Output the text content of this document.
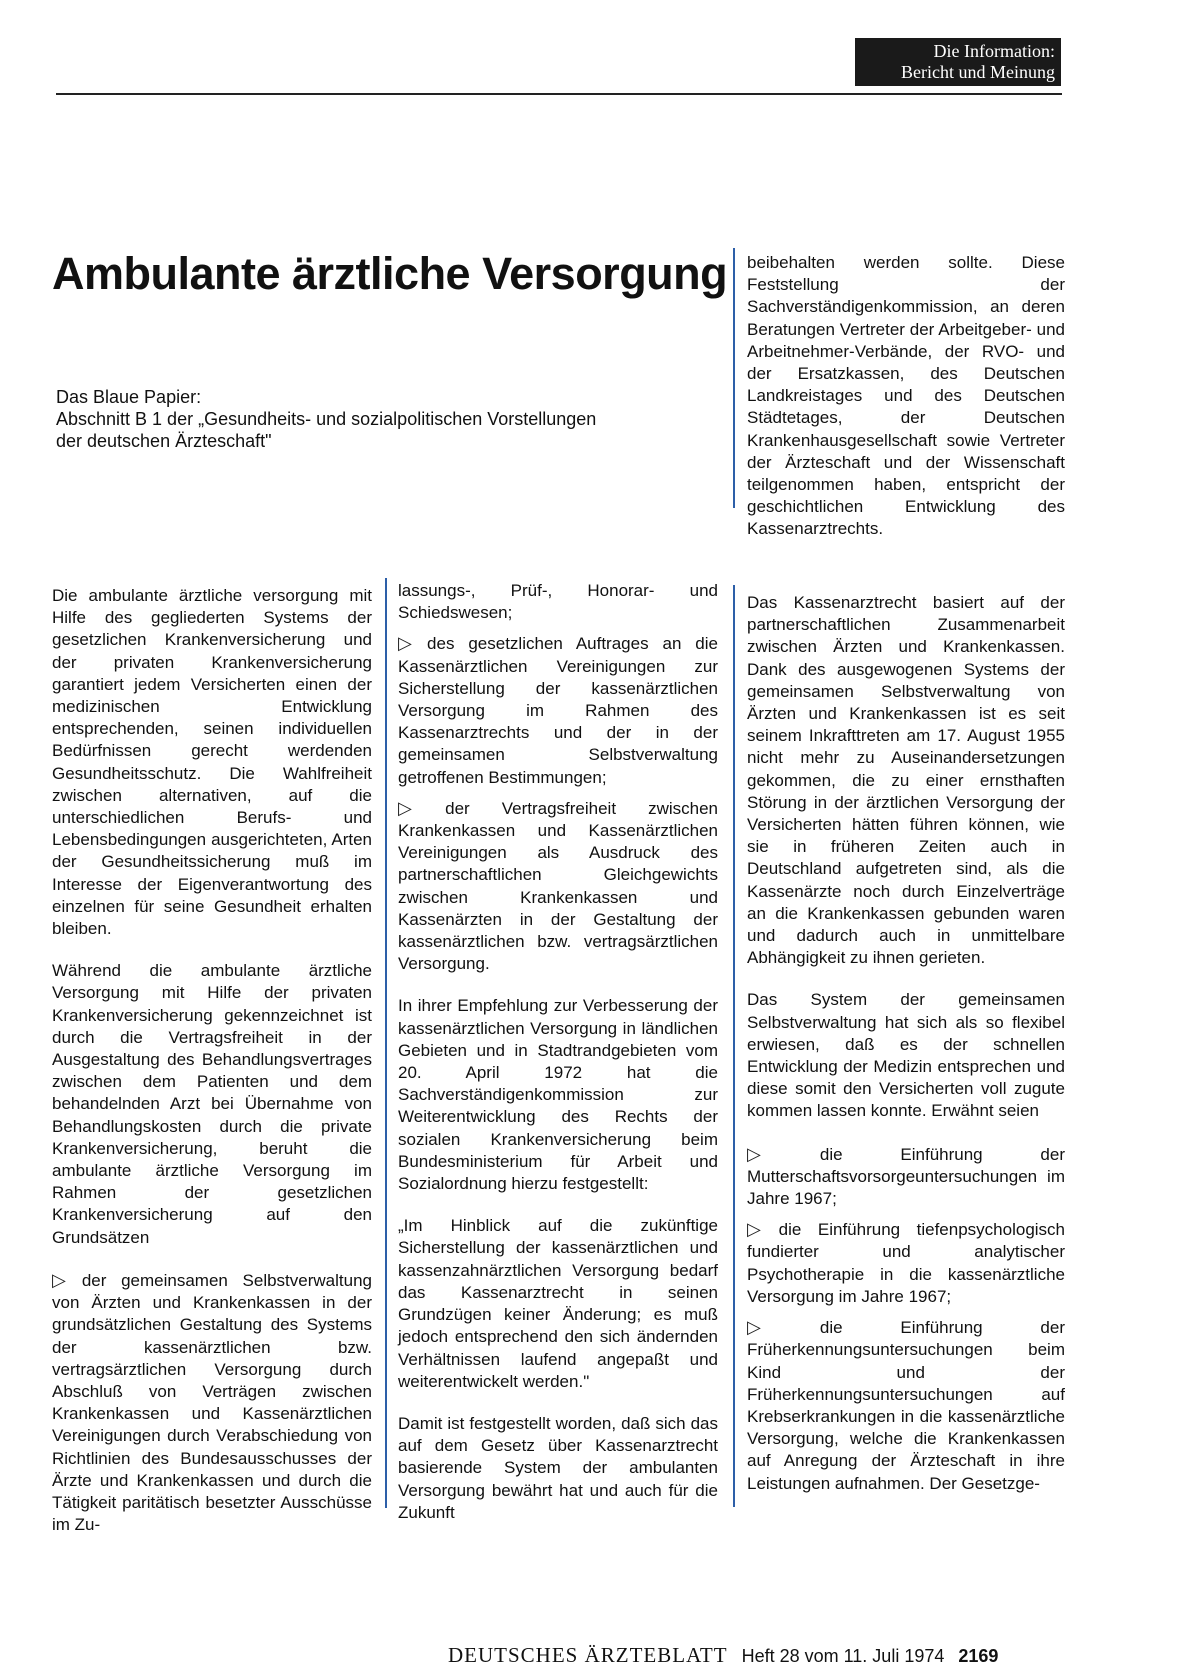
Die Information:
Bericht und Meinung
Ambulante ärztliche Versorgung
Das Blaue Papier:
Abschnitt B 1 der „Gesundheits- und sozialpolitischen Vorstellungen
der deutschen Ärzteschaft"

Die ambulante ärztliche versorgung mit Hilfe des gegliederten Systems der gesetzlichen Krankenversicherung und der privaten Krankenversicherung garantiert jedem Versicherten einen der medizinischen Entwicklung entsprechenden, seinen individuellen Bedürfnissen gerecht werdenden Gesundheitsschutz. Die Wahlfreiheit zwischen alternativen, auf die unterschiedlichen Berufs- und Lebensbedingungen ausgerichteten, Arten der Gesundheitssicherung muß im Interesse der Eigenverantwortung des einzelnen für seine Gesundheit erhalten bleiben.

Während die ambulante ärztliche Versorgung mit Hilfe der privaten Krankenversicherung gekennzeichnet ist durch die Vertragsfreiheit in der Ausgestaltung des Behandlungsvertrages zwischen dem Patienten und dem behandelnden Arzt bei Übernahme von Behandlungskosten durch die private Krankenversicherung, beruht die ambulante ärztliche Versorgung im Rahmen der gesetzlichen Krankenversicherung auf den Grundsätzen

▷ der gemeinsamen Selbstverwaltung von Ärzten und Krankenkassen in der grundsätzlichen Gestaltung des Systems der kassenärztlichen bzw. vertragsärztlichen Versorgung durch Abschluß von Verträgen zwischen Krankenkassen und Kassenärztlichen Vereinigungen durch Verabschiedung von Richtlinien des Bundesausschusses der Ärzte und Krankenkassen und durch die Tätigkeit paritätisch besetzter Ausschüsse im Zu-

lassungs-, Prüf-, Honorar- und Schiedswesen;

▷ des gesetzlichen Auftrages an die Kassenärztlichen Vereinigungen zur Sicherstellung der kassenärztlichen Versorgung im Rahmen des Kassenarztrechts und der in der gemeinsamen Selbstverwaltung getroffenen Bestimmungen;

▷ der Vertragsfreiheit zwischen Krankenkassen und Kassenärztlichen Vereinigungen als Ausdruck des partnerschaftlichen Gleichgewichts zwischen Krankenkassen und Kassenärzten in der Gestaltung der kassenärztlichen bzw. vertragsärztlichen Versorgung.

In ihrer Empfehlung zur Verbesserung der kassenärztlichen Versorgung in ländlichen Gebieten und in Stadtrandgebieten vom 20. April 1972 hat die Sachverständigenkommission zur Weiterentwicklung des Rechts der sozialen Krankenversicherung beim Bundesministerium für Arbeit und Sozialordnung hierzu festgestellt:

„Im Hinblick auf die zukünftige Sicherstellung der kassenärztlichen und kassenzahnärztlichen Versorgung bedarf das Kassenarztrecht in seinen Grundzügen keiner Änderung; es muß jedoch entsprechend den sich ändernden Verhältnissen laufend angepaßt und weiterentwickelt werden."

Damit ist festgestellt worden, daß sich das auf dem Gesetz über Kassenarztrecht basierende System der ambulanten Versorgung bewährt hat und auch für die Zukunft

beibehalten werden sollte. Diese Feststellung der Sachverständigenkommission, an deren Beratungen Vertreter der Arbeitgeber- und Arbeitnehmer-Verbände, der RVO- und der Ersatzkassen, des Deutschen Landkreistages und des Deutschen Städtetages, der Deutschen Krankenhausgesellschaft sowie Vertreter der Ärzteschaft und der Wissenschaft teilgenommen haben, entspricht der geschichtlichen Entwicklung des Kassenarztrechts.

Das Kassenarztrecht basiert auf der partnerschaftlichen Zusammenarbeit zwischen Ärzten und Krankenkassen. Dank des ausgewogenen Systems der gemeinsamen Selbstverwaltung von Ärzten und Krankenkassen ist es seit seinem Inkrafttreten am 17. August 1955 nicht mehr zu Auseinandersetzungen gekommen, die zu einer ernsthaften Störung in der ärztlichen Versorgung der Versicherten hätten führen können, wie sie in früheren Zeiten auch in Deutschland aufgetreten sind, als die Kassenärzte noch durch Einzelverträge an die Krankenkassen gebunden waren und dadurch auch in unmittelbare Abhängigkeit zu ihnen gerieten.

Das System der gemeinsamen Selbstverwaltung hat sich als so flexibel erwiesen, daß es der schnellen Entwicklung der Medizin entsprechen und diese somit den Versicherten voll zugute kommen lassen konnte. Erwähnt seien

▷ die Einführung der Mutterschaftsvorsorgeuntersuchungen im Jahre 1967;

▷ die Einführung tiefenpsychologisch fundierter und analytischer Psychotherapie in die kassenärztliche Versorgung im Jahre 1967;

▷ die Einführung der Früherkennungsuntersuchungen beim Kind und der Früherkennungsuntersuchungen auf Krebserkrankungen in die kassenärztliche Versorgung, welche die Krankenkassen auf Anregung der Ärzteschaft in ihre Leistungen aufnahmen. Der Gesetzge-

DEUTSCHES ÄRZTEBLATT Heft 28 vom 11. Juli 1974 2169
